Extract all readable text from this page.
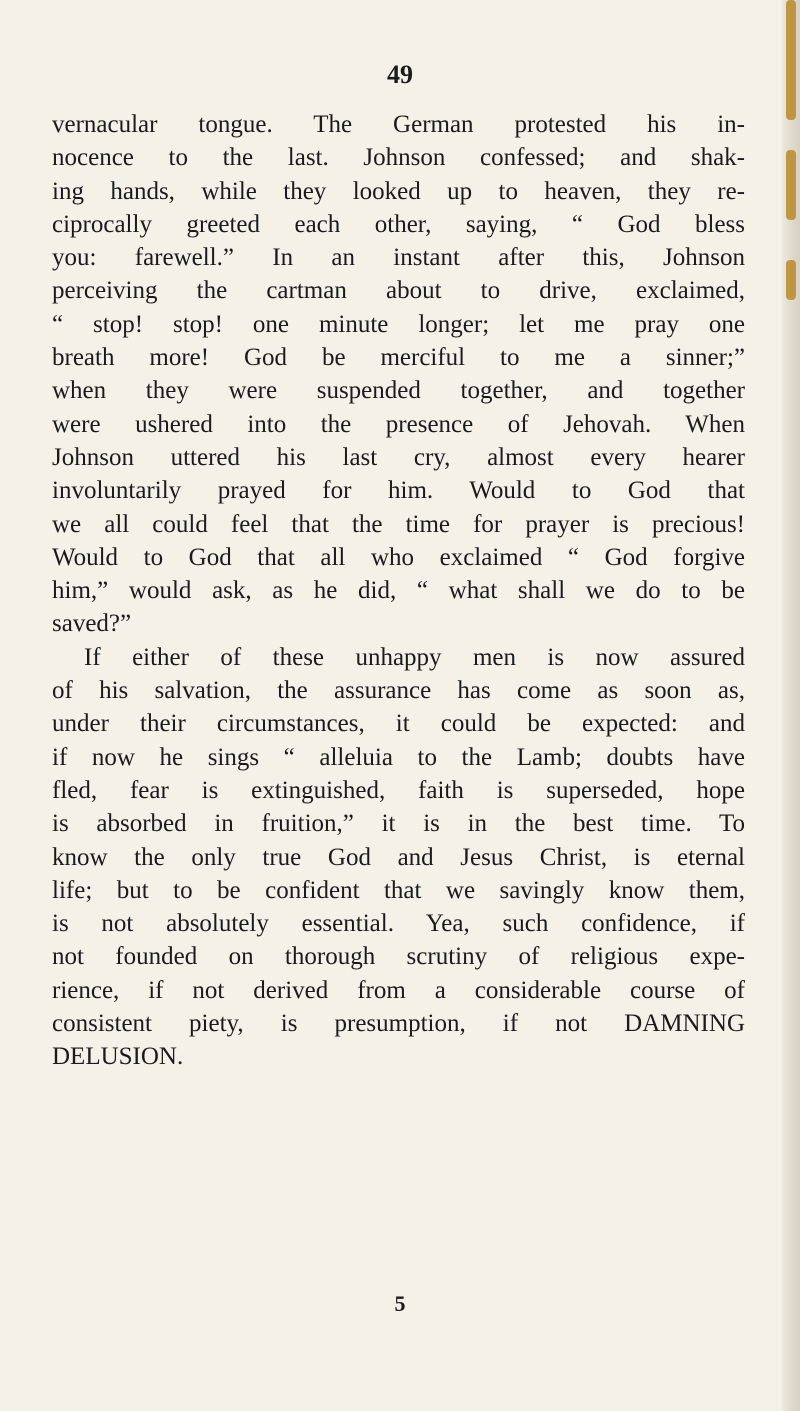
49
vernacular tongue. The German protested his in-
nocence to the last. Johnson confessed; and shak-
ing hands, while they looked up to heaven, they re-
ciprocally greeted each other, saying, “ God bless
you: farewell.” In an instant after this, Johnson
perceiving the cartman about to drive, exclaimed,
“ stop! stop! one minute longer; let me pray one
breath more! God be merciful to me a sinner;”
when they were suspended together, and together
were ushered into the presence of Jehovah. When
Johnson uttered his last cry, almost every hearer
involuntarily prayed for him. Would to God that
we all could feel that the time for prayer is precious!
Would to God that all who exclaimed “ God forgive
him,” would ask, as he did, “ what shall we do to be
saved?”
If either of these unhappy men is now assured
of his salvation, the assurance has come as soon as,
under their circumstances, it could be expected: and
if now he sings “ alleluia to the Lamb; doubts have
fled, fear is extinguished, faith is superseded, hope
is absorbed in fruition,” it is in the best time. To
know the only true God and Jesus Christ, is eternal
life; but to be confident that we savingly know them,
is not absolutely essential. Yea, such confidence, if
not founded on thorough scrutiny of religious expe-
rience, if not derived from a considerable course of
consistent piety, is presumption, if not DAMNING
DELUSION.
5
